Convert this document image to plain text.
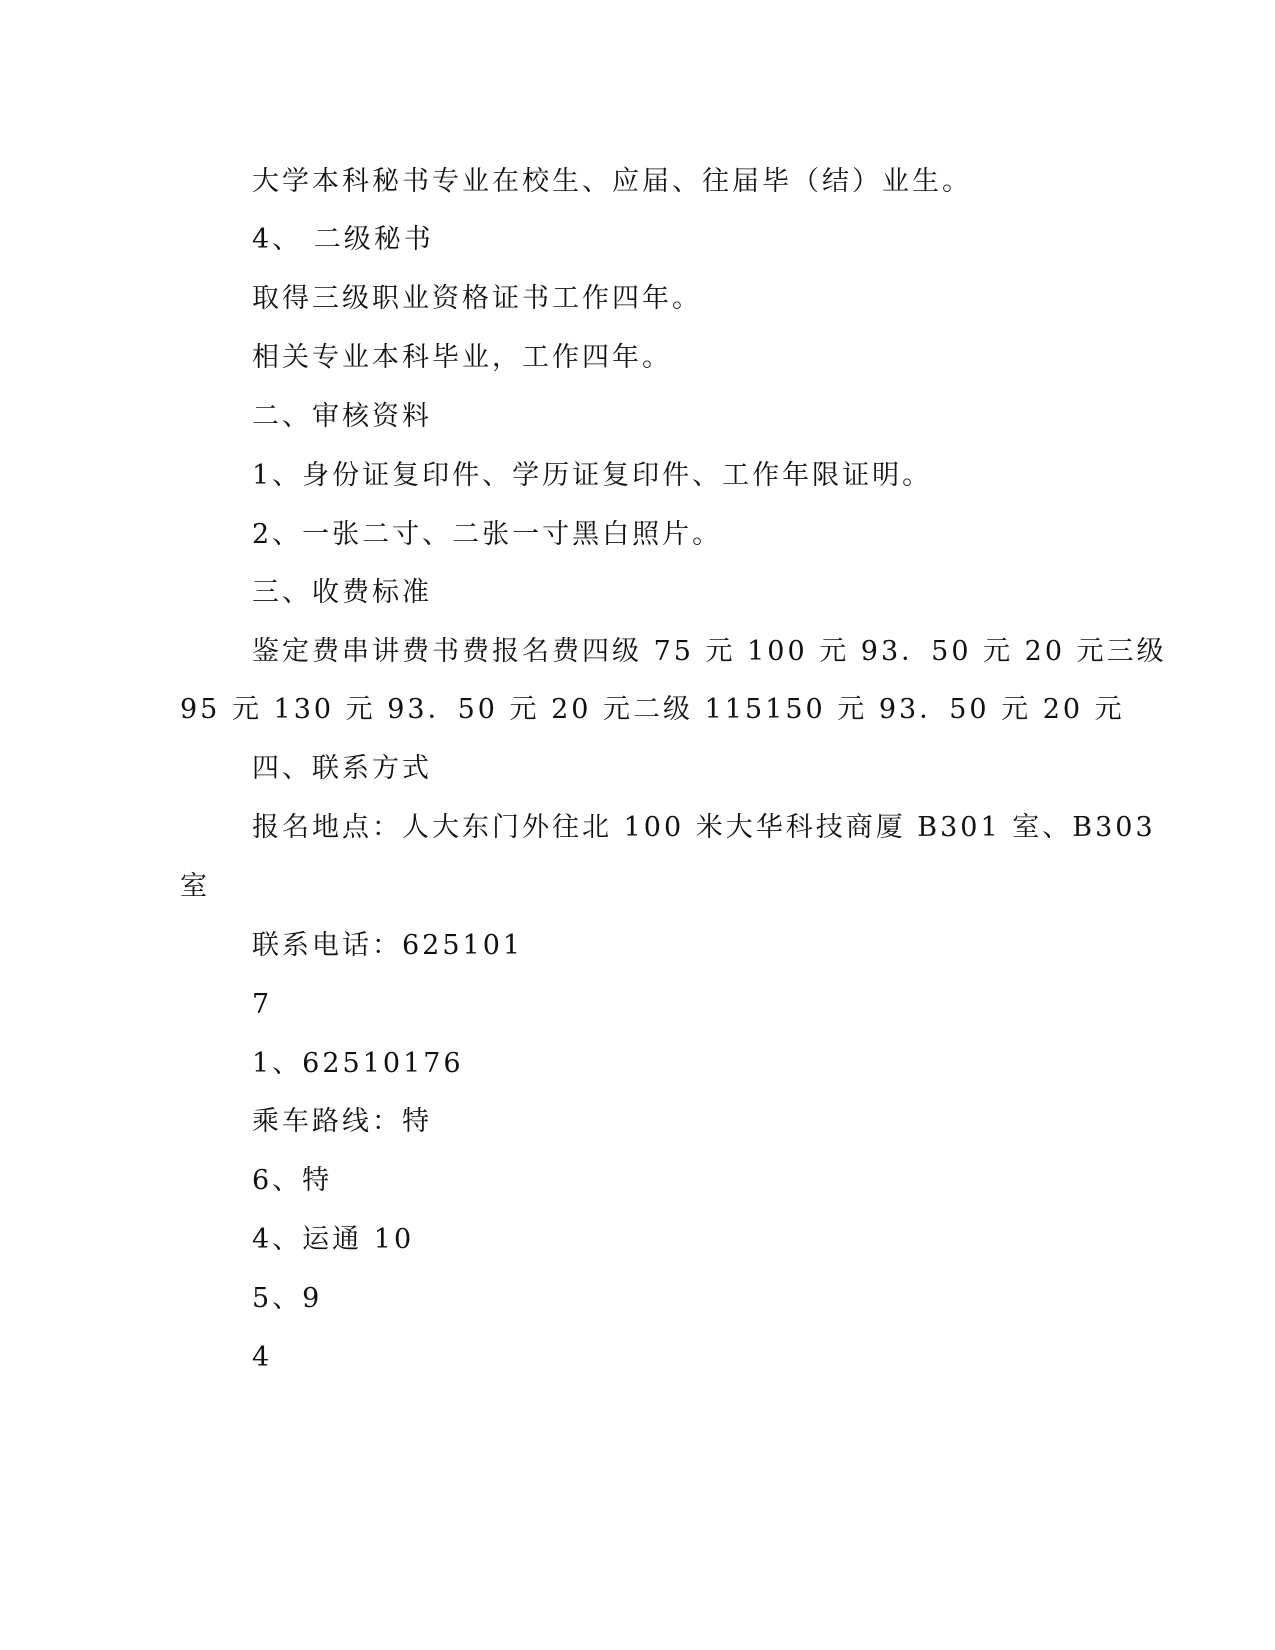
大学本科秘书专业在校生、应届、往届毕（结）业生。
4、 二级秘书
取得三级职业资格证书工作四年。
相关专业本科毕业，工作四年。
二、审核资料
1、身份证复印件、学历证复印件、工作年限证明。
2、一张二寸、二张一寸黑白照片。
三、收费标准
鉴定费串讲费书费报名费四级 75 元 100 元 93．50 元 20 元三级
95 元 130 元 93．50 元 20 元二级 115150 元 93．50 元 20 元
四、联系方式
报名地点：人大东门外往北 100 米大华科技商厦 B301 室、B303
室
联系电话：625101
7
1、62510176
乘车路线：特
6、特
4、运通 10
5、9
4
